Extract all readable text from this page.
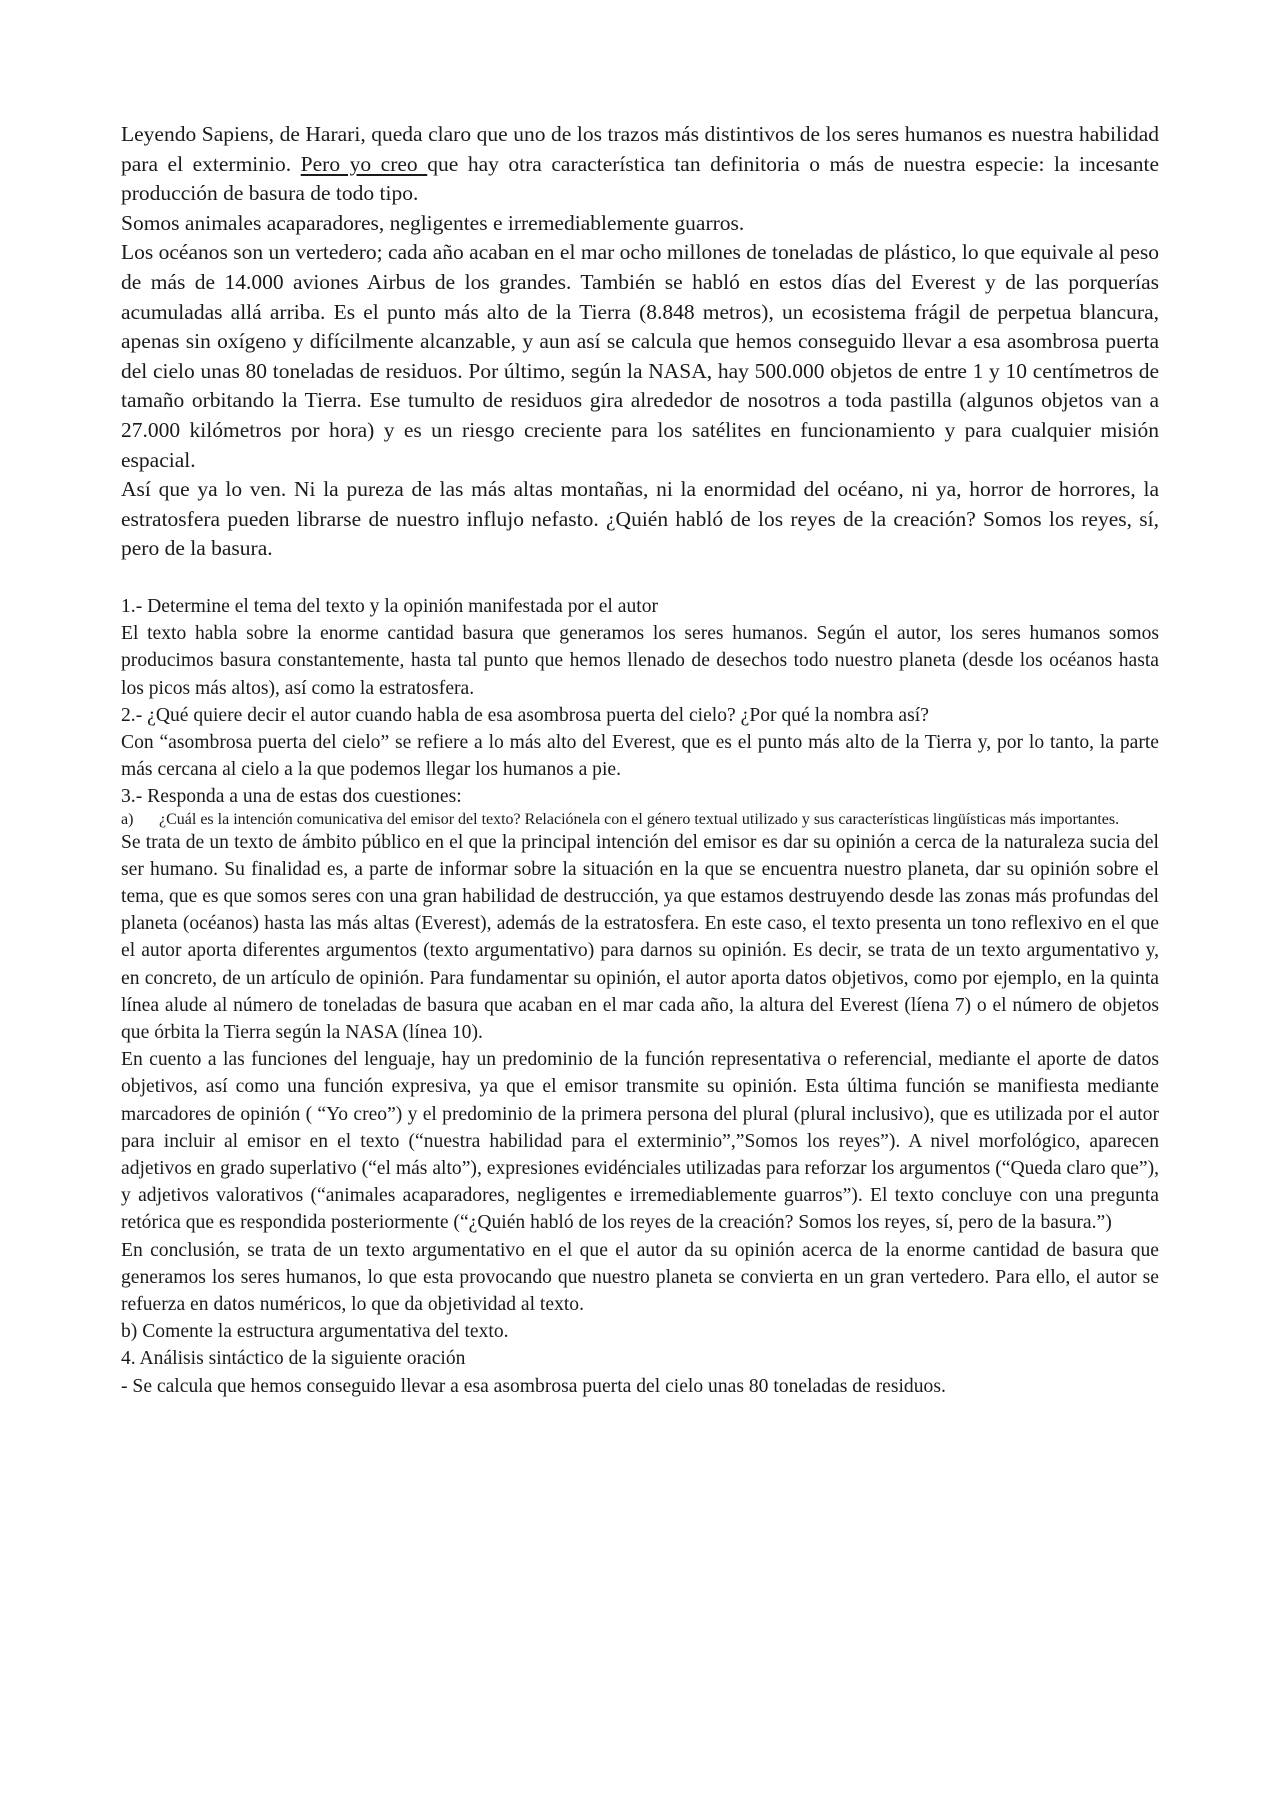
Leyendo Sapiens, de Harari, queda claro que uno de los trazos más distintivos de los seres humanos es nuestra habilidad para el exterminio. Pero yo creo que hay otra característica tan definitoria o más de nuestra especie: la incesante producción de basura de todo tipo.

Somos animales acaparadores, negligentes e irremediablemente guarros.

Los océanos son un vertedero; cada año acaban en el mar ocho millones de toneladas de plástico, lo que equivale al peso de más de 14.000 aviones Airbus de los grandes. También se habló en estos días del Everest y de las porquerías acumuladas allá arriba. Es el punto más alto de la Tierra (8.848 metros), un ecosistema frágil de perpetua blancura, apenas sin oxígeno y difícilmente alcanzable, y aun así se calcula que hemos conseguido llevar a esa asombrosa puerta del cielo unas 80 toneladas de residuos. Por último, según la NASA, hay 500.000 objetos de entre 1 y 10 centímetros de tamaño orbitando la Tierra. Ese tumulto de residuos gira alrededor de nosotros a toda pastilla (algunos objetos van a 27.000 kilómetros por hora) y es un riesgo creciente para los satélites en funcionamiento y para cualquier misión espacial.

Así que ya lo ven. Ni la pureza de las más altas montañas, ni la enormidad del océano, ni ya, horror de horrores, la estratosfera pueden librarse de nuestro influjo nefasto. ¿Quién habló de los reyes de la creación? Somos los reyes, sí, pero de la basura.

1.- Determine el tema del texto y la opinión manifestada por el autor

El texto habla sobre la enorme cantidad basura que generamos los seres humanos. Según el autor, los seres humanos somos producimos basura constantemente, hasta tal punto que hemos llenado de desechos todo nuestro planeta (desde los océanos hasta los picos más altos), así como la estratosfera.

2.- ¿Qué quiere decir el autor cuando habla de esa asombrosa puerta del cielo? ¿Por qué la nombra así?

Con “asombrosa puerta del cielo” se refiere a lo más alto del Everest, que es el punto más alto de la Tierra y, por lo tanto, la parte más cercana al cielo a la que podemos llegar los humanos a pie.

3.- Responda a una de estas dos cuestiones:

a)	¿Cuál es la intención comunicativa del emisor del texto? Relaciónela con el género textual utilizado y sus características lingüísticas más importantes.

Se trata de un texto de ámbito público en el que la principal intención del emisor es dar su opinión a cerca de la naturaleza sucia del ser humano. Su finalidad es, a parte de informar sobre la situación en la que se encuentra nuestro planeta, dar su opinión sobre el tema, que es que somos seres con una gran habilidad de destrucción, ya que estamos destruyendo desde las zonas más profundas del planeta (océanos) hasta las más altas (Everest), además de la estratosfera. En este caso, el texto presenta un tono reflexivo en el que el autor aporta diferentes argumentos (texto argumentativo) para darnos su opinión. Es decir, se trata de un texto argumentativo y, en concreto, de un artículo de opinión. Para fundamentar su opinión, el autor aporta datos objetivos, como por ejemplo, en la quinta línea alude al número de toneladas de basura que acaban en el mar cada año, la altura del Everest (líena 7) o el número de objetos que órbita la Tierra según la NASA (línea 10).

En cuento a las funciones del lenguaje, hay un predominio de la función representativa o referencial, mediante el aporte de datos objetivos, así como una función expresiva, ya que el emisor transmite su opinión. Esta última función se manifiesta mediante marcadores de opinión ( “Yo creo”) y el predominio de la primera persona del plural (plural inclusivo), que es utilizada por el autor para incluir al emisor en el texto (“nuestra habilidad para el exterminio”,”Somos los reyes”). A nivel morfológico, aparecen adjetivos en grado superlativo (“el más alto”), expresiones evidénciales utilizadas para reforzar los argumentos (“Queda claro que”), y adjetivos valorativos (“animales acaparadores, negligentes e irremediablemente guarros”). El texto concluye con una pregunta retórica que es respondida posteriormente (“¿Quién habló de los reyes de la creación? Somos los reyes, sí, pero de la basura.”)

En conclusión, se trata de un texto argumentativo en el que el autor da su opinión acerca de la enorme cantidad de basura que generamos los seres humanos, lo que esta provocando que nuestro planeta se convierta en un gran vertedero. Para ello, el autor se refuerza en datos numéricos, lo que da objetividad al texto.

b) Comente la estructura argumentativa del texto.

4. Análisis sintáctico de la siguiente oración

- Se calcula que hemos conseguido llevar a esa asombrosa puerta del cielo unas 80 toneladas de residuos.
